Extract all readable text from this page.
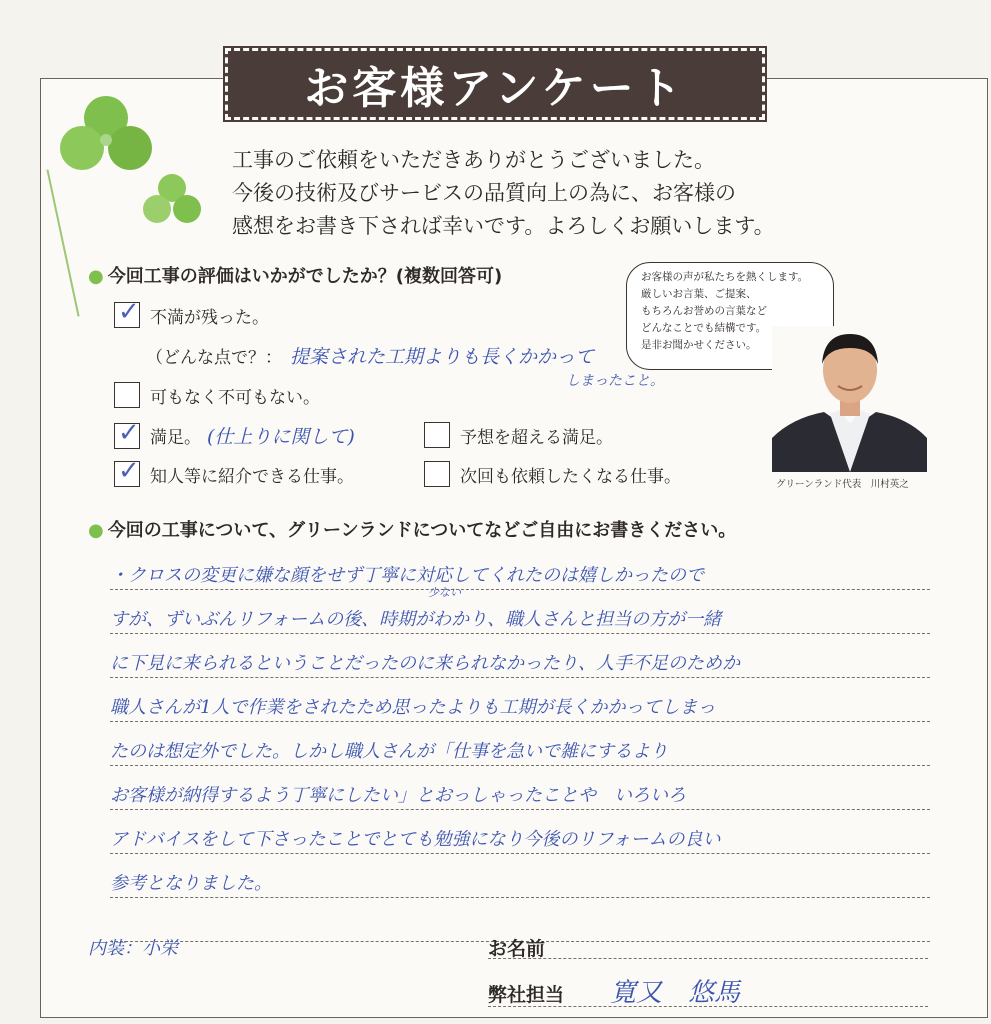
お客様アンケート
工事のご依頼をいただきありがとうございました。
今後の技術及びサービスの品質向上の為に、お客様の
感想をお書き下されば幸いです。よろしくお願いします。
● 今回工事の評価はいかがでしたか？(複数回答可)
✓ 不満が残った。
（どんな点で？： 提案された工期よりも長くかかって
しまったこと。
可もなく不可もない。
✓ 満足。 (仕上りに関して)	予想を超える満足。
✓ 知人等に紹介できる仕事。	次回も依頼したくなる仕事。
お客様の声が私たちを熱くします。
厳しいお言葉、ご提案、
もちろんお誉めの言葉など
どんなことでも結構です。
是非お聞かせください。
グリーンランド代表　川村英之
● 今回の工事について、グリーンランドについてなどご自由にお書きください。
・クロスの変更に嫌な顔をせず丁寧に対応してくれたのは嬉しかったので
すが、ずいぶんリフォームの後、時期がわかり、職人さんと担当の方が一緒
に下見に来られるということだったのに来られなかったり、人手不足のためか
職人さんが1人で作業をされたため思ったよりも工期が長くかかってしまっ
たのは想定外でした。しかし職人さんが「仕事を急いで雑にするより
お客様が納得するよう丁寧にしたい」とおっしゃったことや　いろいろ
アドバイスをして下さったことでとても勉強になり今後のリフォームの良い
参考となりました。
少ない
内装：小栄	お名前
弊社担当 寛又　悠馬
